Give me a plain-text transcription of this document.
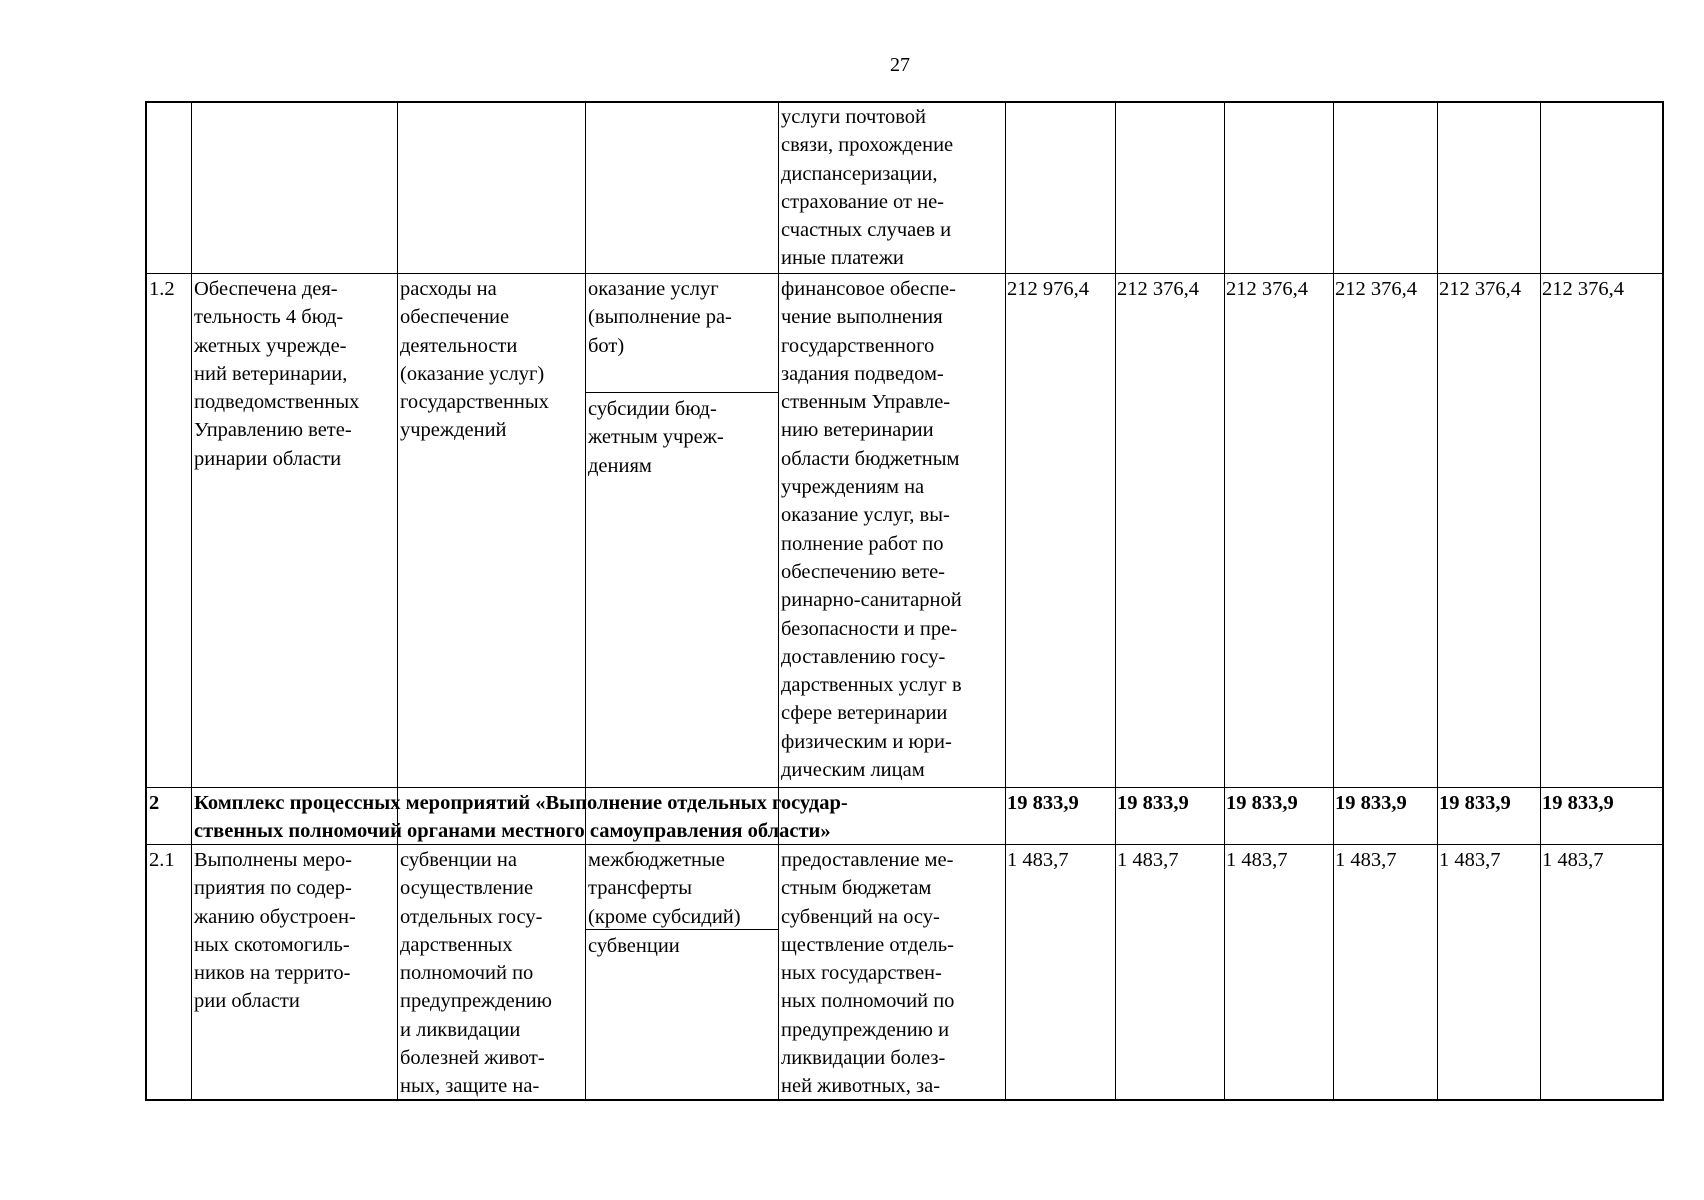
27
услуги почтовой
связи, прохождение
диспансеризации,
страхование от не-
счастных случаев и
иные платежи
1.2 Обеспечена дея-
тельность 4 бюд-
жетных учрежде-
ний ветеринарии,
подведомственных
Управлению вете-
ринарии области
расходы на
обеспечение
деятельности
(оказание услуг)
государственных
учреждений
оказание услуг
(выполнение ра-
бот)
субсидии бюд-
жетным учреж-
дениям
финансовое обеспе-
чение выполнения
государственного
задания подведом-
ственным Управле-
нию ветеринарии
области бюджетным
учреждениям на
оказание услуг, вы-
полнение работ по
обеспечению вете-
ринарно-санитарной
безопасности и пре-
доставлению госу-
дарственных услуг в
сфере ветеринарии
физическим и юри-
дическим лицам
212 976,4 212 376,4 212 376,4 212 376,4 212 376,4 212 376,4
2 Комплекс процессных мероприятий «Выполнение отдельных государ-
ственных полномочий органами местного самоуправления области»
19 833,9 19 833,9 19 833,9 19 833,9 19 833,9 19 833,9
2.1 Выполнены меро-
приятия по содер-
жанию обустроен-
ных скотомогиль-
ников на террито-
рии области
субвенции на
осуществление
отдельных госу-
дарственных
полномочий по
предупреждению
и ликвидации
болезней живот-
ных, защите на-
межбюджетные
трансферты
(кроме субсидий)
субвенции
предоставление ме-
стным бюджетам
субвенций на осу-
ществление отдель-
ных государствен-
ных полномочий по
предупреждению и
ликвидации болез-
ней животных, за-
1 483,7 1 483,7 1 483,7 1 483,7 1 483,7 1 483,7
